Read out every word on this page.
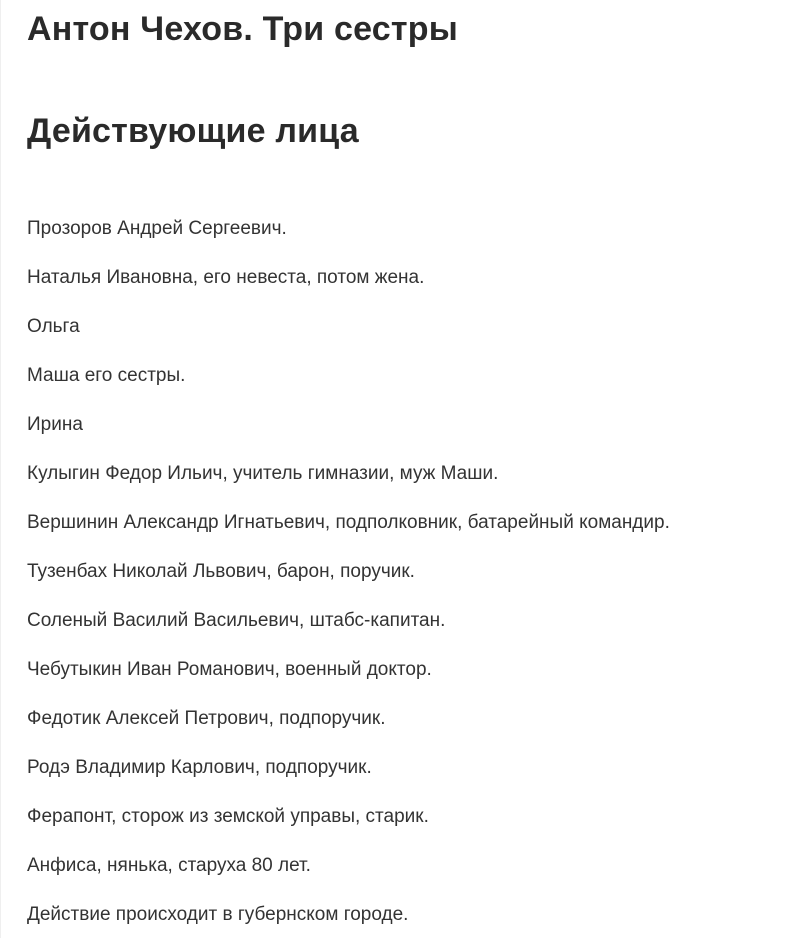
Антон Чехов. Три сестры
Действующие лица
Прозоров Андрей Сергеевич.
Наталья Ивановна, его невеста, потом жена.
Ольга
Маша его сестры.
Ирина
Кулыгин Федор Ильич, учитель гимназии, муж Маши.
Вершинин Александр Игнатьевич, подполковник, батарейный командир.
Тузенбах Николай Львович, барон, поручик.
Соленый Василий Васильевич, штабс-капитан.
Чебутыкин Иван Романович, военный доктор.
Федотик Алексей Петрович, подпоручик.
Родэ Владимир Карлович, подпоручик.
Ферапонт, сторож из земской управы, старик.
Анфиса, нянька, старуха 80 лет.
Действие происходит в губернском городе.
